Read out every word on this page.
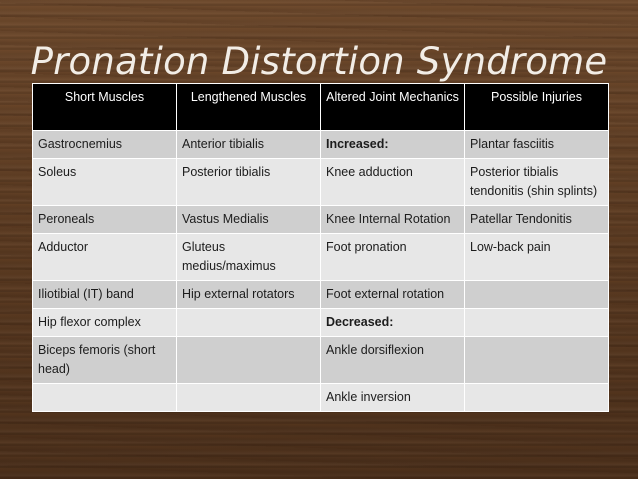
Pronation Distortion Syndrome
Short Muscles	Lengthened Muscles	Altered Joint Mechanics	Possible Injuries
Gastrocnemius	Anterior tibialis	Increased:	Plantar fasciitis
Soleus	Posterior tibialis	Knee adduction	Posterior tibialis tendonitis (shin splints)
Peroneals	Vastus Medialis	Knee Internal Rotation	Patellar Tendonitis
Adductor	Gluteus medius/maximus	Foot pronation	Low-back pain
Iliotibial (IT) band	Hip external rotators	Foot external rotation	
Hip flexor complex		Decreased:	
Biceps femoris (short head)		Ankle dorsiflexion	
		Ankle inversion	
